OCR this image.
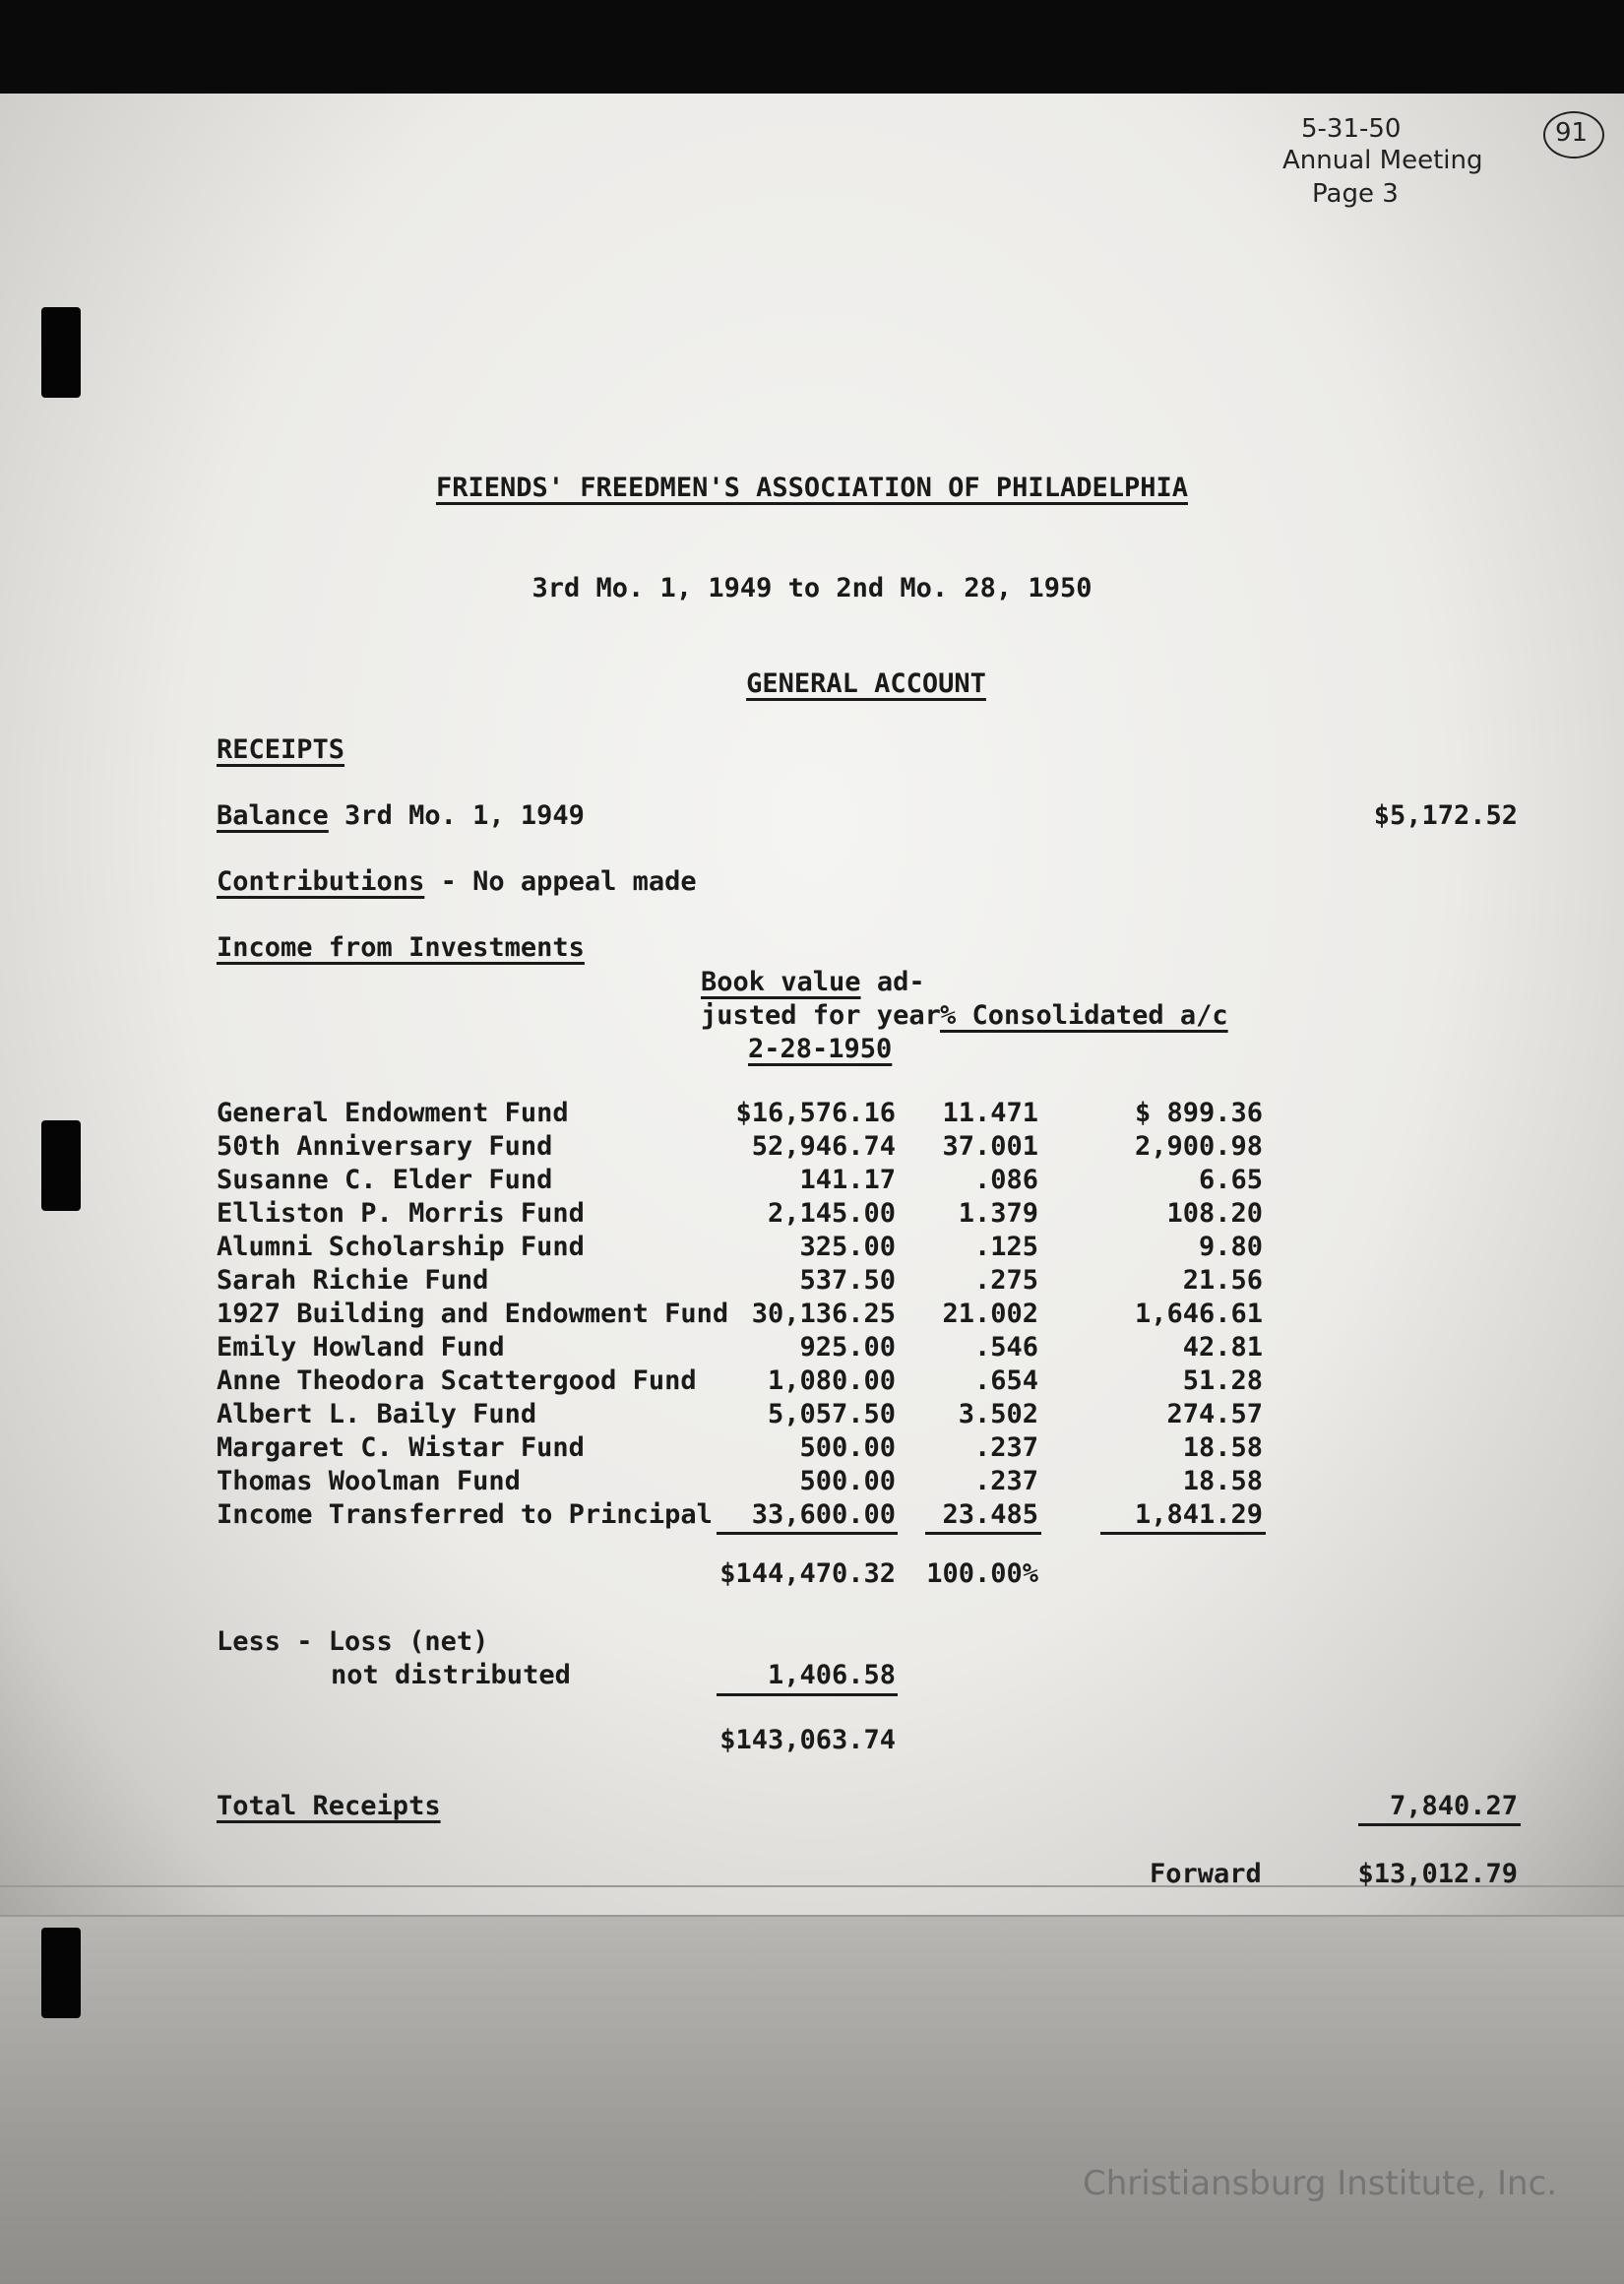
5-31-50
Annual Meeting
Page 3
91
FRIENDS' FREEDMEN'S ASSOCIATION OF PHILADELPHIA
3rd Mo. 1, 1949 to 2nd Mo. 28, 1950
GENERAL ACCOUNT
RECEIPTS
Balance 3rd Mo. 1, 1949	$5,172.52
Contributions - No appeal made
Income from Investments
Book value ad-
justed for year
2-28-1950
% Consolidated a/c
General Endowment Fund	$16,576.16	11.471	$ 899.36
50th Anniversary Fund	52,946.74	37.001	2,900.98
Susanne C. Elder Fund	141.17	.086	6.65
Elliston P. Morris Fund	2,145.00	1.379	108.20
Alumni Scholarship Fund	325.00	.125	9.80
Sarah Richie Fund	537.50	.275	21.56
1927 Building and Endowment Fund 30,136.25	21.002	1,646.61
Emily Howland Fund	925.00	.546	42.81
Anne Theodora Scattergood Fund	1,080.00	.654	51.28
Albert L. Baily Fund	5,057.50	3.502	274.57
Margaret C. Wistar Fund	500.00	.237	18.58
Thomas Woolman Fund	500.00	.237	18.58
Income Transferred to Principal	33,600.00	23.485	1,841.29
$144,470.32	100.00%
Less - Loss (net)
not distributed	1,406.58
$143,063.74
Total Receipts	7,840.27
Forward	$13,012.79
Christiansburg Institute, Inc.
